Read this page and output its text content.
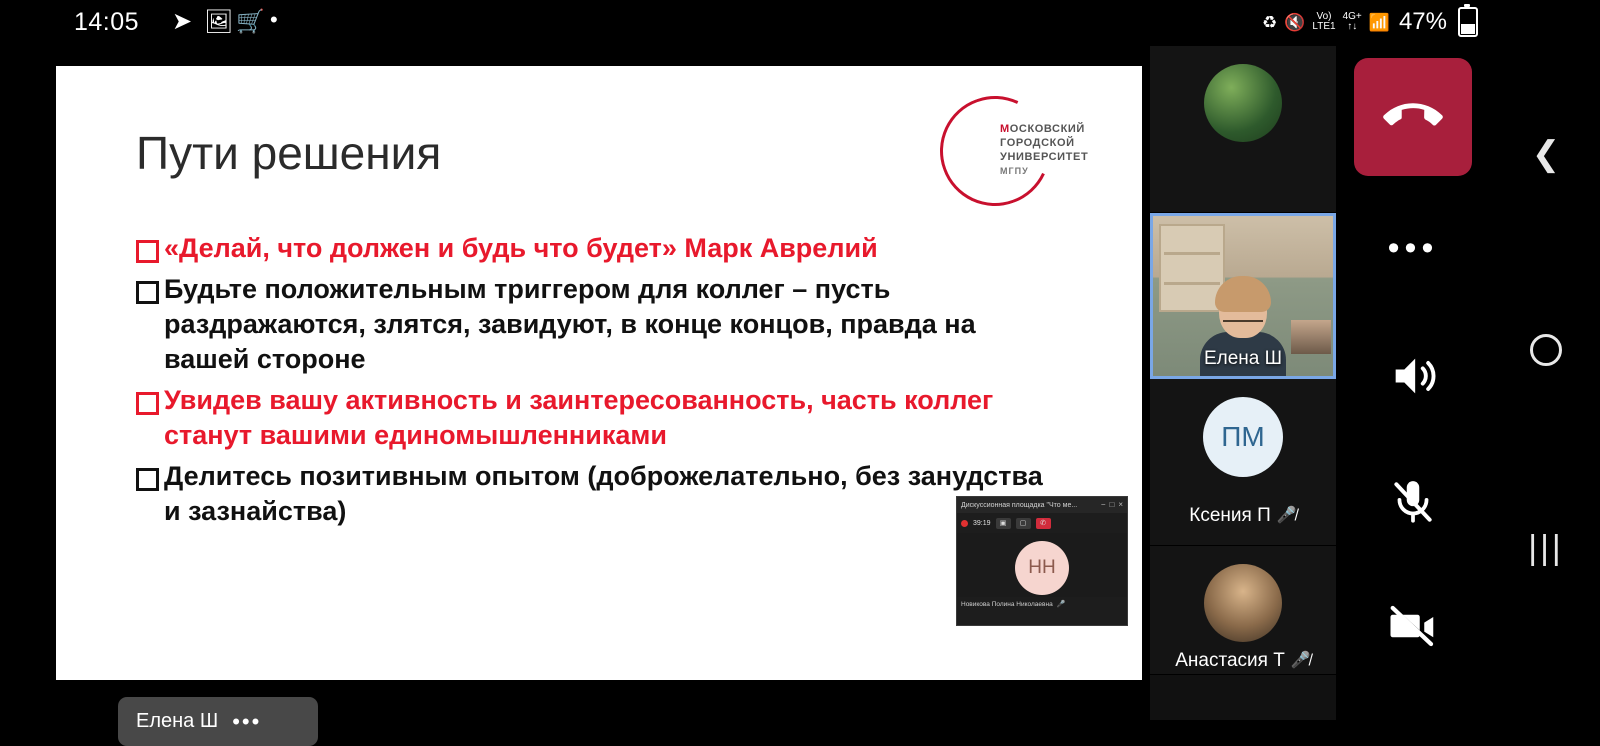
14:05 ➤ 🖼 🛒 •	♻ 🔇	Vo)
LTE1
4G+
↑↓ 📶 47%
Пути решения	МОСКОВСКИЙ
ГОРОДСКОЙ
УНИВЕРСИТЕТ
МГПУ
«Делай, что должен и будь что будет» Марк Аврелий
Будьте положительным триггером для коллег – пусть раздражаются, злятся, завидуют, в конце концов, правда на вашей стороне
Увидев вашу активность и заинтересованность, часть коллег станут вашими единомышленниками
Делитесь позитивным опытом (доброжелательно, без занудства и зазнайства)	Дискуссионная площадка "Что ме...	− □ ×
39:19	▣	▢	✆
НН
Новикова Полина Николаевна 🎤
Елена Ш •••
Елена Ш
ПМ
Ксения П 🎤̸
Анастасия Т 🎤̸
•••
❮
|||
